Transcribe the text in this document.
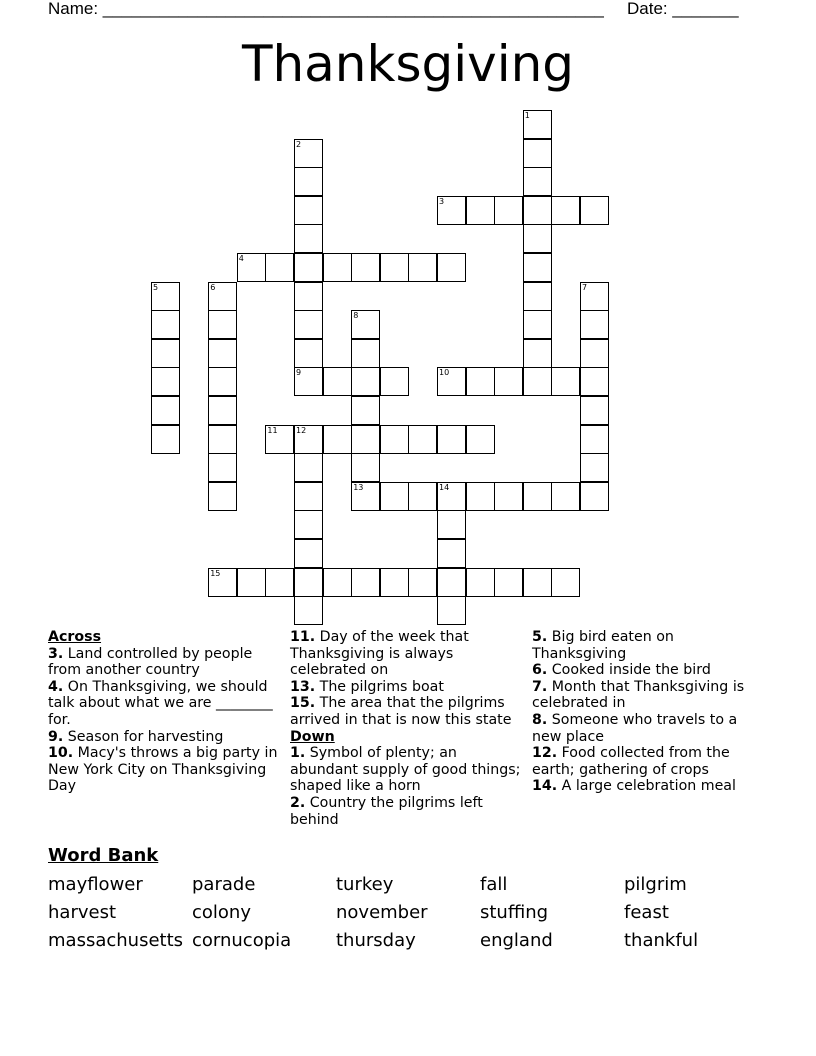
Name: _____________________________________________________ Date: _______
Thanksgiving
1
2
3
4
5	6	7
8
9	10
11 12
13	14
15
Across
3. Land controlled by people from another country
4. On Thanksgiving, we should talk about what we are ________ for.
9. Season for harvesting
10. Macy's throws a big party in New York City on Thanksgiving Day
11. Day of the week that Thanksgiving is always celebrated on
13. The pilgrims boat
15. The area that the pilgrims arrived in that is now this state
Down
1. Symbol of plenty; an abundant supply of good things; shaped like a horn
2. Country the pilgrims left behind
5. Big bird eaten on Thanksgiving
6. Cooked inside the bird
7. Month that Thanksgiving is celebrated in
8. Someone who travels to a new place
12. Food collected from the earth; gathering of crops
14. A large celebration meal
Word Bank
mayflower	parade	turkey	fall	pilgrim
harvest	colony	november	stuffing	feast
massachusetts cornucopia thursday	england	thankful
